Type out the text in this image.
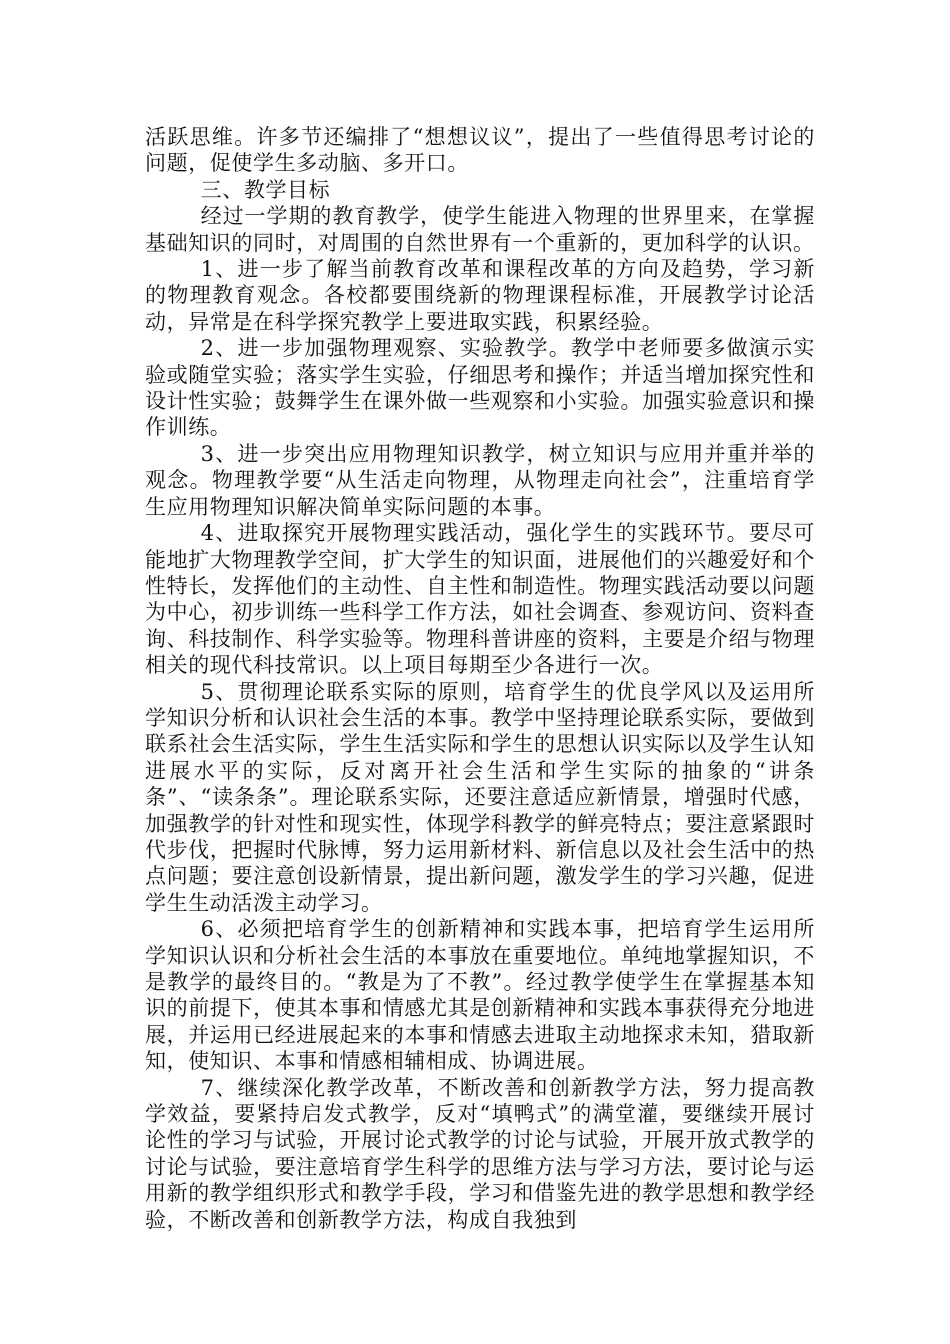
活跃思维。许多节还编排了“想想议议”，提出了一些值得思考讨论的问题，促使学生多动脑、多开口。

三、教学目标

经过一学期的教育教学，使学生能进入物理的世界里来，在掌握基础知识的同时，对周围的自然世界有一个重新的，更加科学的认识。

1、进一步了解当前教育改革和课程改革的方向及趋势，学习新的物理教育观念。各校都要围绕新的物理课程标准，开展教学讨论活动，异常是在科学探究教学上要进取实践，积累经验。

2、进一步加强物理观察、实验教学。教学中老师要多做演示实验或随堂实验；落实学生实验，仔细思考和操作；并适当增加探究性和设计性实验；鼓舞学生在课外做一些观察和小实验。加强实验意识和操作训练。

3、进一步突出应用物理知识教学，树立知识与应用并重并举的观念。物理教学要“从生活走向物理，从物理走向社会”，注重培育学生应用物理知识解决简单实际问题的本事。

4、进取探究开展物理实践活动，强化学生的实践环节。要尽可能地扩大物理教学空间，扩大学生的知识面，进展他们的兴趣爱好和个性特长，发挥他们的主动性、自主性和制造性。物理实践活动要以问题为中心，初步训练一些科学工作方法，如社会调查、参观访问、资料查询、科技制作、科学实验等。物理科普讲座的资料，主要是介绍与物理相关的现代科技常识。以上项目每期至少各进行一次。

5、贯彻理论联系实际的原则，培育学生的优良学风以及运用所学知识分析和认识社会生活的本事。教学中坚持理论联系实际，要做到联系社会生活实际，学生生活实际和学生的思想认识实际以及学生认知进展水平的实际，反对离开社会生活和学生实际的抽象的“讲条条”、“读条条”。理论联系实际，还要注意适应新情景，增强时代感，加强教学的针对性和现实性，体现学科教学的鲜亮特点；要注意紧跟时代步伐，把握时代脉博，努力运用新材料、新信息以及社会生活中的热点问题；要注意创设新情景，提出新问题，激发学生的学习兴趣，促进学生生动活泼主动学习。

6、必须把培育学生的创新精神和实践本事，把培育学生运用所学知识认识和分析社会生活的本事放在重要地位。单纯地掌握知识，不是教学的最终目的。“教是为了不教”。经过教学使学生在掌握基本知识的前提下，使其本事和情感尤其是创新精神和实践本事获得充分地进展，并运用已经进展起来的本事和情感去进取主动地探求未知，猎取新知，使知识、本事和情感相辅相成、协调进展。

7、继续深化教学改革，不断改善和创新教学方法，努力提高教学效益，要紧持启发式教学，反对“填鸭式”的满堂灌，要继续开展讨论性的学习与试验，开展讨论式教学的讨论与试验，开展开放式教学的讨论与试验，要注意培育学生科学的思维方法与学习方法，要讨论与运用新的教学组织形式和教学手段，学习和借鉴先进的教学思想和教学经验，不断改善和创新教学方法，构成自我独到
